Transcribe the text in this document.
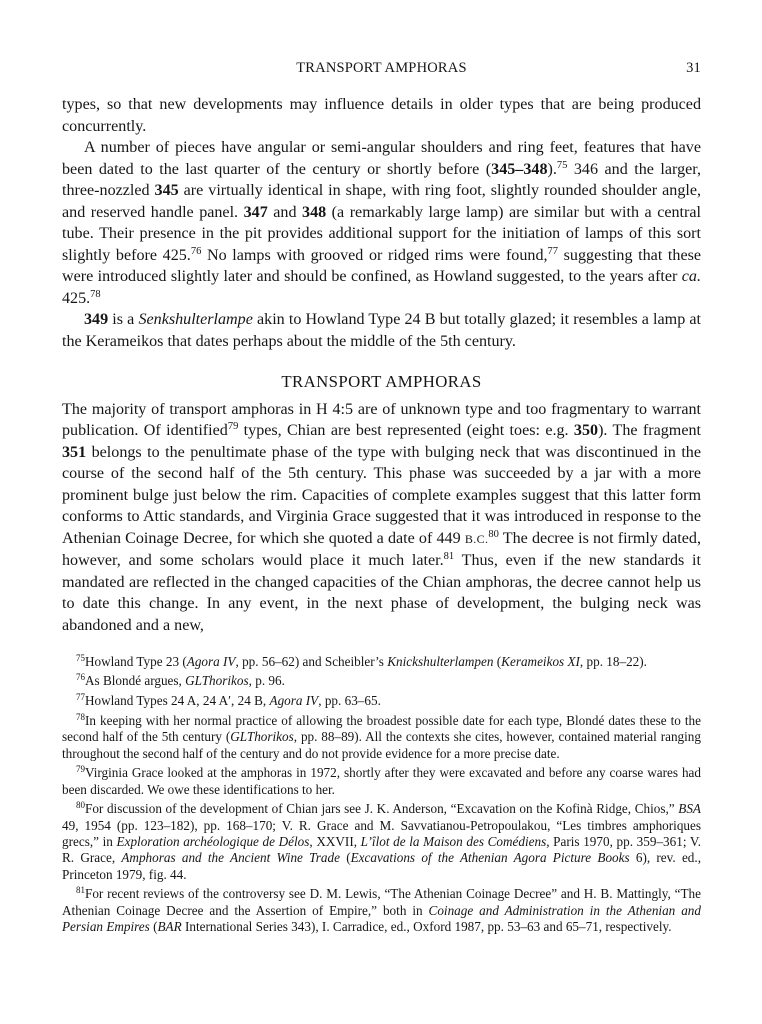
TRANSPORT AMPHORAS	31

types, so that new developments may influence details in older types that are being produced concurrently.

A number of pieces have angular or semi-angular shoulders and ring feet, features that have been dated to the last quarter of the century or shortly before (345–348).$^{75}$ 346 and the larger, three-nozzled 345 are virtually identical in shape, with ring foot, slightly rounded shoulder angle, and reserved handle panel. 347 and 348 (a remarkably large lamp) are similar but with a central tube. Their presence in the pit provides additional support for the initiation of lamps of this sort slightly before 425.76 No lamps with grooved or ridged rims were found,$^{77}$ suggesting that these were introduced slightly later and should be confined, as Howland suggested, to the years after ca. 425.78

349 is a Senkshulterlampe akin to Howland Type 24 B but totally glazed; it resembles a lamp at the Kerameikos that dates perhaps about the middle of the 5th century.

TRANSPORT AMPHORAS

The majority of transport amphoras in H 4:5 are of unknown type and too fragmentary to warrant publication. Of identified$^{79}$ types, Chian are best represented (eight toes: e.g. 350). The fragment 351 belongs to the penultimate phase of the type with bulging neck that was discontinued in the course of the second half of the 5th century. This phase was succeeded by a jar with a more prominent bulge just below the rim. Capacities of complete examples suggest that this latter form conforms to Attic standards, and Virginia Grace suggested that it was introduced in response to the Athenian Coinage Decree, for which she quoted a date of 449 B.C.$^{80}$ The decree is not firmly dated, however, and some scholars would place it much later.$^{81}$ Thus, even if the new standards it mandated are reflected in the changed capacities of the Chian amphoras, the decree cannot help us to date this change. In any event, in the next phase of development, the bulging neck was abandoned and a new,

$^{75}$Howland Type 23 (Agora IV, pp. 56–62) and Scheibler’s Knickshulterlampen (Kerameikos XI, pp. 18–22).

$^{76}$As Blondé argues, GLThorikos, p. 96.

$^{77}$Howland Types 24 A, 24 A′, 24 B, Agora IV, pp. 63–65.

$^{78}$In keeping with her normal practice of allowing the broadest possible date for each type, Blondé dates these to the second half of the 5th century (GLThorikos, pp. 88–89). All the contexts she cites, however, contained material ranging throughout the second half of the century and do not provide evidence for a more precise date.

$^{79}$Virginia Grace looked at the amphoras in 1972, shortly after they were excavated and before any coarse wares had been discarded. We owe these identifications to her.

$^{80}$For discussion of the development of Chian jars see J. K. Anderson, “Excavation on the Kofinà Ridge, Chios,” BSA 49, 1954 (pp. 123–182), pp. 168–170; V. R. Grace and M. Savvatianou-Petropoulakou, “Les timbres amphoriques grecs,” in Exploration archéologique de Délos, XXVII, L’îlot de la Maison des Comédiens, Paris 1970, pp. 359–361; V. R. Grace, Amphoras and the Ancient Wine Trade (Excavations of the Athenian Agora Picture Books 6), rev. ed., Princeton 1979, fig. 44.

$^{81}$For recent reviews of the controversy see D. M. Lewis, “The Athenian Coinage Decree” and H. B. Mattingly, “The Athenian Coinage Decree and the Assertion of Empire,” both in Coinage and Administration in the Athenian and Persian Empires (BAR International Series 343), I. Carradice, ed., Oxford 1987, pp. 53–63 and 65–71, respectively.
